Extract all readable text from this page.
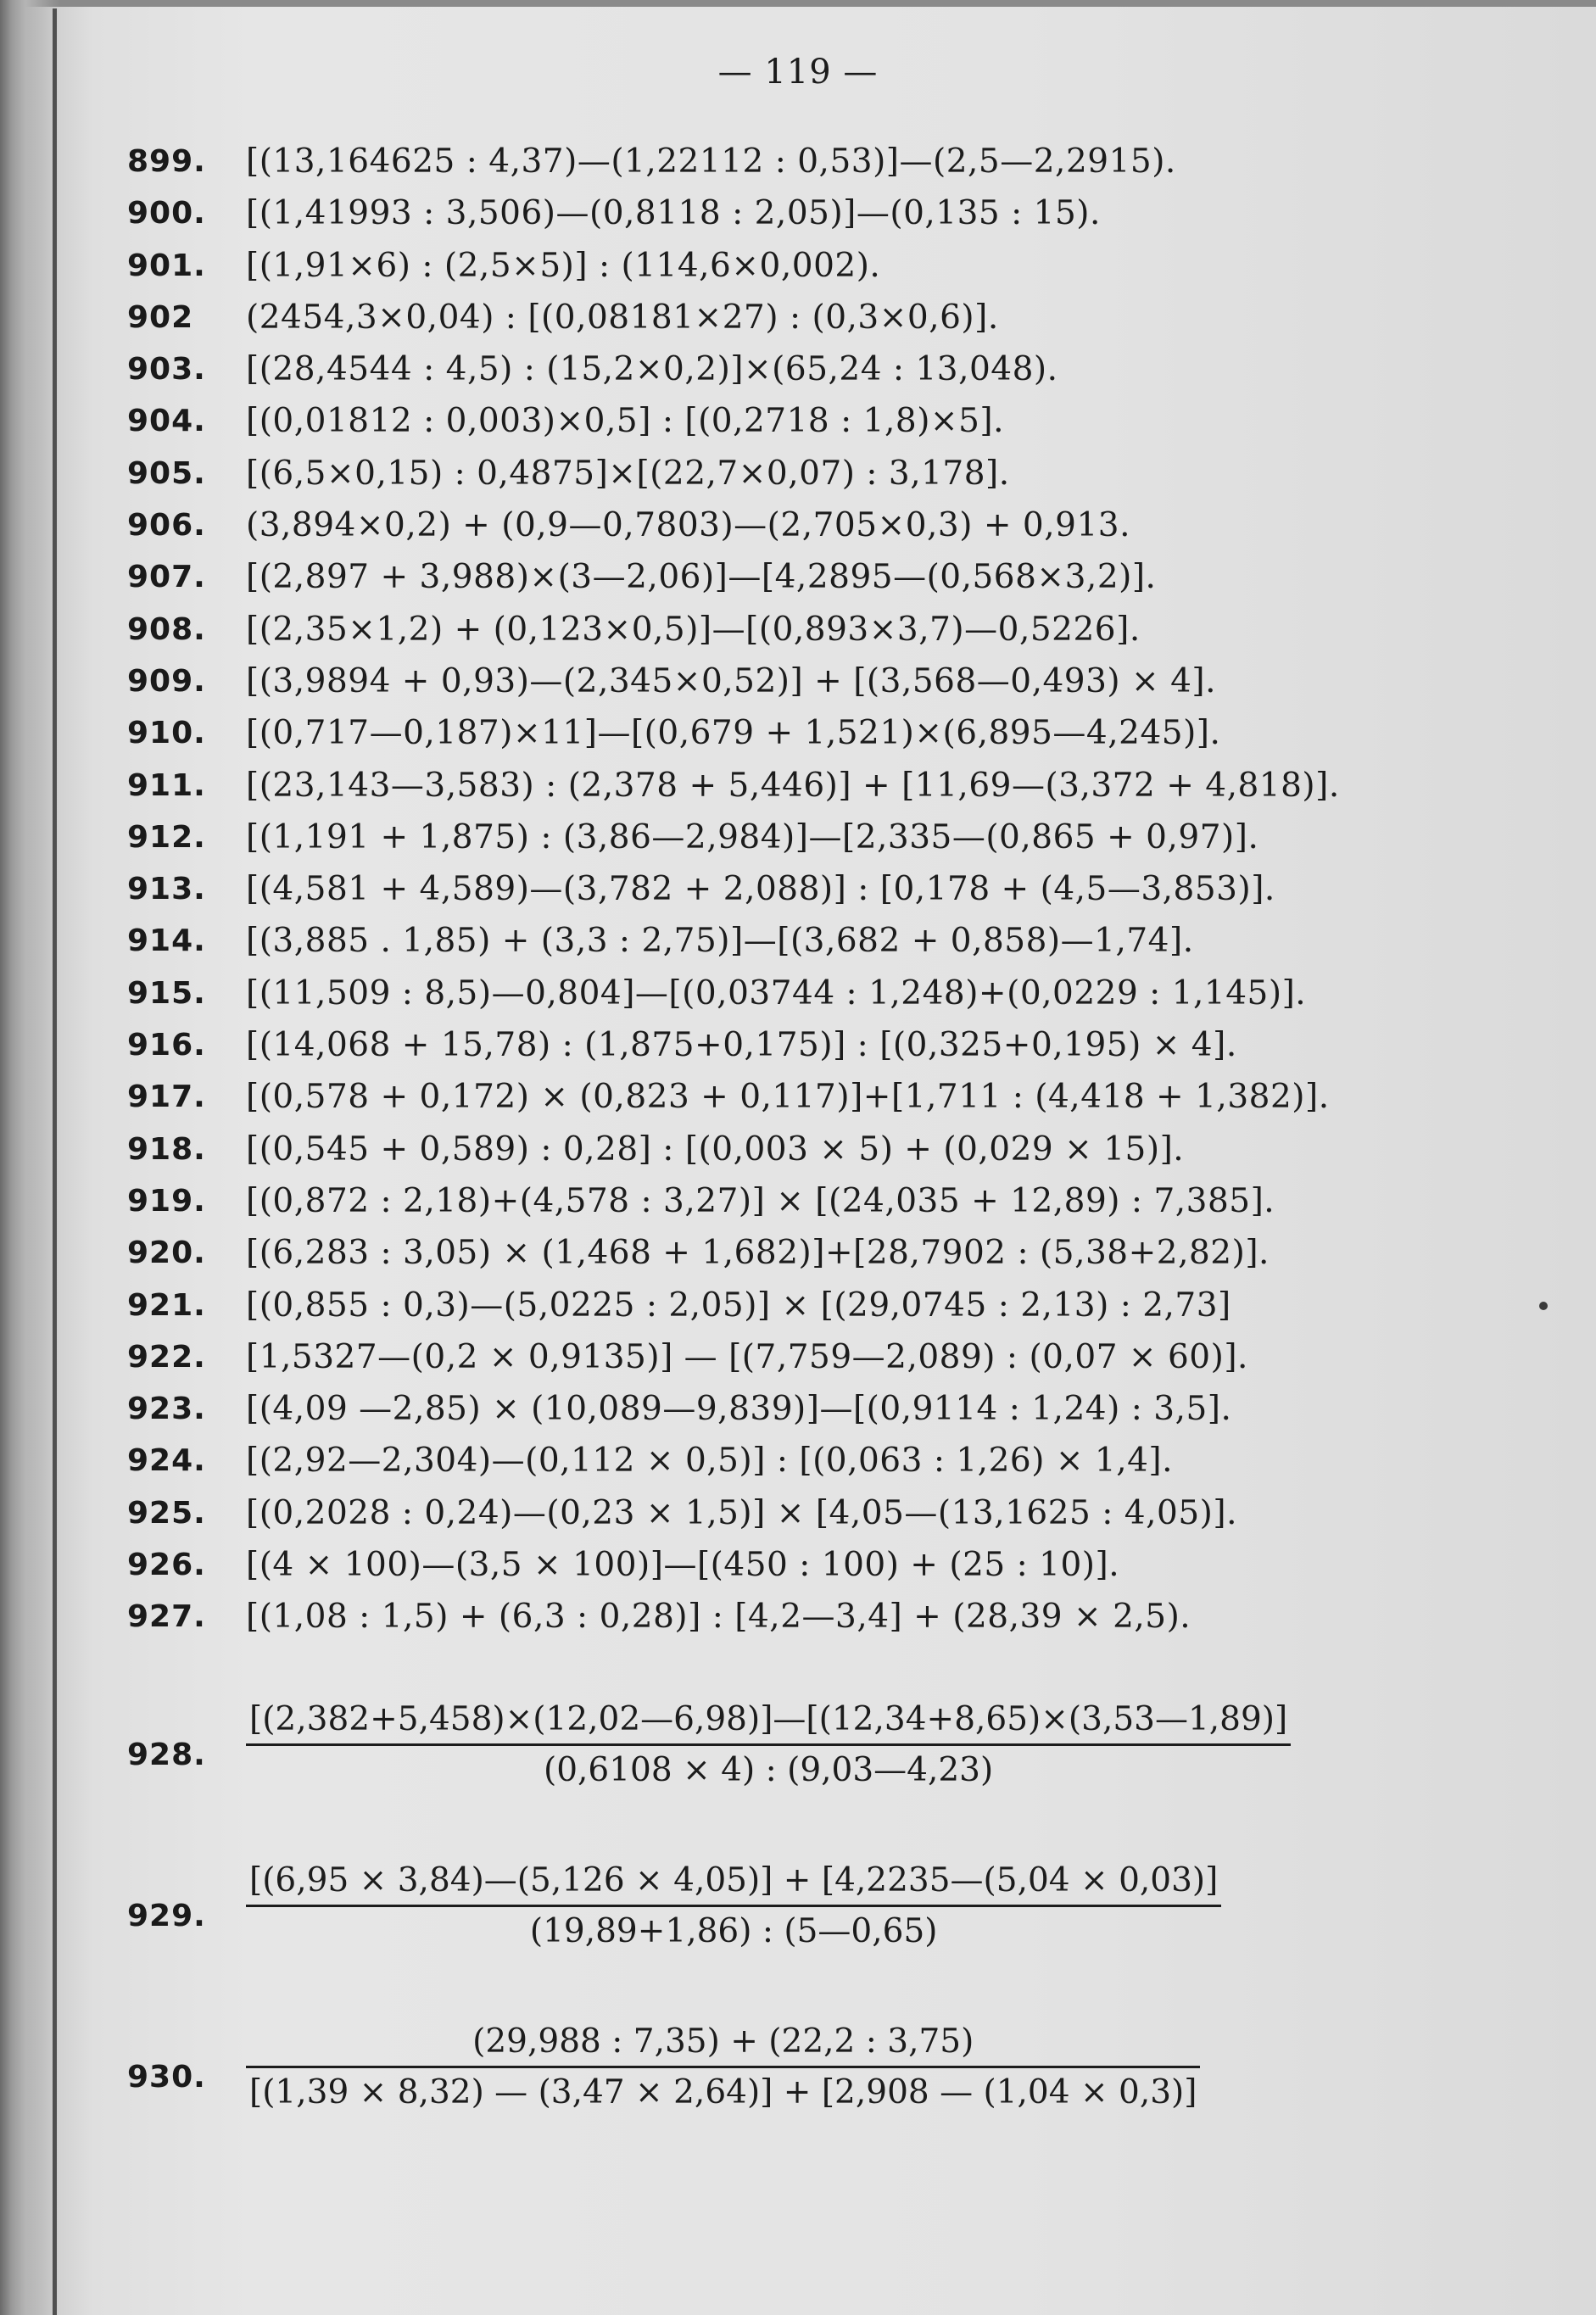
— 119 —
899.	[(13,164625 : 4,37)—(1,22112 : 0,53)]—(2,5—2,2915).
900.	[(1,41993 : 3,506)—(0,8118 : 2,05)]—(0,135 : 15).
901.	[(1,91×6) : (2,5×5)] : (114,6×0,002).
902	(2454,3×0,04) : [(0,08181×27) : (0,3×0,6)].
903.	[(28,4544 : 4,5) : (15,2×0,2)]×(65,24 : 13,048).
904.	[(0,01812 : 0,003)×0,5] : [(0,2718 : 1,8)×5].
905.	[(6,5×0,15) : 0,4875]×[(22,7×0,07) : 3,178].
906.	(3,894×0,2) + (0,9—0,7803)—(2,705×0,3) + 0,913.
907.	[(2,897 + 3,988)×(3—2,06)]—[4,2895—(0,568×3,2)].
908.	[(2,35×1,2) + (0,123×0,5)]—[(0,893×3,7)—0,5226].
909.	[(3,9894 + 0,93)—(2,345×0,52)] + [(3,568—0,493) × 4].
910.	[(0,717—0,187)×11]—[(0,679 + 1,521)×(6,895—4,245)].
911.	[(23,143—3,583) : (2,378 + 5,446)] + [11,69—(3,372 + 4,818)].
912.	[(1,191 + 1,875) : (3,86—2,984)]—[2,335—(0,865 + 0,97)].
913.	[(4,581 + 4,589)—(3,782 + 2,088)] : [0,178 + (4,5—3,853)].
914.	[(3,885 . 1,85) + (3,3 : 2,75)]—[(3,682 + 0,858)—1,74].
915.	[(11,509 : 8,5)—0,804]—[(0,03744 : 1,248)+(0,0229 : 1,145)].
916.	[(14,068 + 15,78) : (1,875+0,175)] : [(0,325+0,195) × 4].
917.	[(0,578 + 0,172) × (0,823 + 0,117)]+[1,711 : (4,418 + 1,382)].
918.	[(0,545 + 0,589) : 0,28] : [(0,003 × 5) + (0,029 × 15)].
919.	[(0,872 : 2,18)+(4,578 : 3,27)] × [(24,035 + 12,89) : 7,385].
920.	[(6,283 : 3,05) × (1,468 + 1,682)]+[28,7902 : (5,38+2,82)].
921.	[(0,855 : 0,3)—(5,0225 : 2,05)] × [(29,0745 : 2,13) : 2,73]
922.	[1,5327—(0,2 × 0,9135)] — [(7,759—2,089) : (0,07 × 60)].
923.	[(4,09 —2,85) × (10,089—9,839)]—[(0,9114 : 1,24) : 3,5].
924.	[(2,92—2,304)—(0,112 × 0,5)] : [(0,063 : 1,26) × 1,4].
925.	[(0,2028 : 0,24)—(0,23 × 1,5)] × [4,05—(13,1625 : 4,05)].
926.	[(4 × 100)—(3,5 × 100)]—[(450 : 100) + (25 : 10)].
927.	[(1,08 : 1,5) + (6,3 : 0,28)] : [4,2—3,4] + (28,39 × 2,5).
928.
[(2,382+5,458)×(12,02—6,98)]—[(12,34+8,65)×(3,53—1,89)]
(0,6108 × 4) : (9,03—4,23)
929.
[(6,95 × 3,84)—(5,126 × 4,05)] + [4,2235—(5,04 × 0,03)]
(19,89+1,86) : (5—0,65)
930.
(29,988 : 7,35) + (22,2 : 3,75)
[(1,39 × 8,32) — (3,47 × 2,64)] + [2,908 — (1,04 × 0,3)]
